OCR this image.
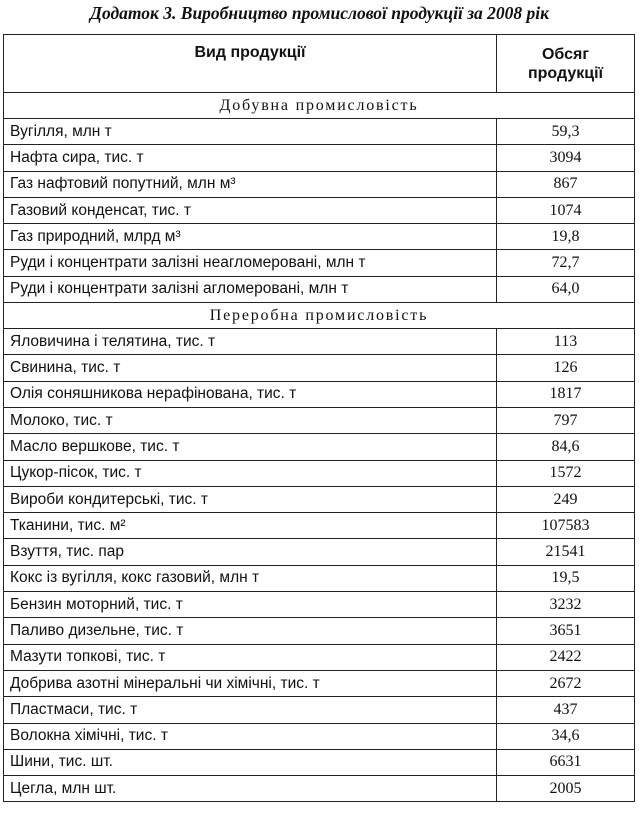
Додаток 3. Виробництво промислової продукції за 2008 рік
Вид продукції	Обсяг продукції
Добувна промисловість	
Вугілля, млн т	59,3
Нафта сира, тис. т	3094
Газ нафтовий попутний, млн м³	867
Газовий конденсат, тис. т	1074
Газ природний, млрд м³	19,8
Руди і концентрати залізні неагломеровані, млн т	72,7
Руди і концентрати залізні агломеровані, млн т	64,0
Переробна промисловість	
Яловичина і телятина, тис. т	113
Свинина, тис. т	126
Олія соняшникова нерафінована, тис. т	1817
Молоко, тис. т	797
Масло вершкове, тис. т	84,6
Цукор-пісок, тис. т	1572
Вироби кондитерські, тис. т	249
Тканини, тис. м²	107583
Взуття, тис. пар	21541
Кокс із вугілля, кокс газовий, млн т	19,5
Бензин моторний, тис. т	3232
Паливо дизельне, тис. т	3651
Мазути топкові, тис. т	2422
Добрива азотні мінеральні чи хімічні, тис. т	2672
Пластмаси, тис. т	437
Волокна хімічні, тис. т	34,6
Шини, тис. шт.	6631
Цегла, млн шт.	2005
